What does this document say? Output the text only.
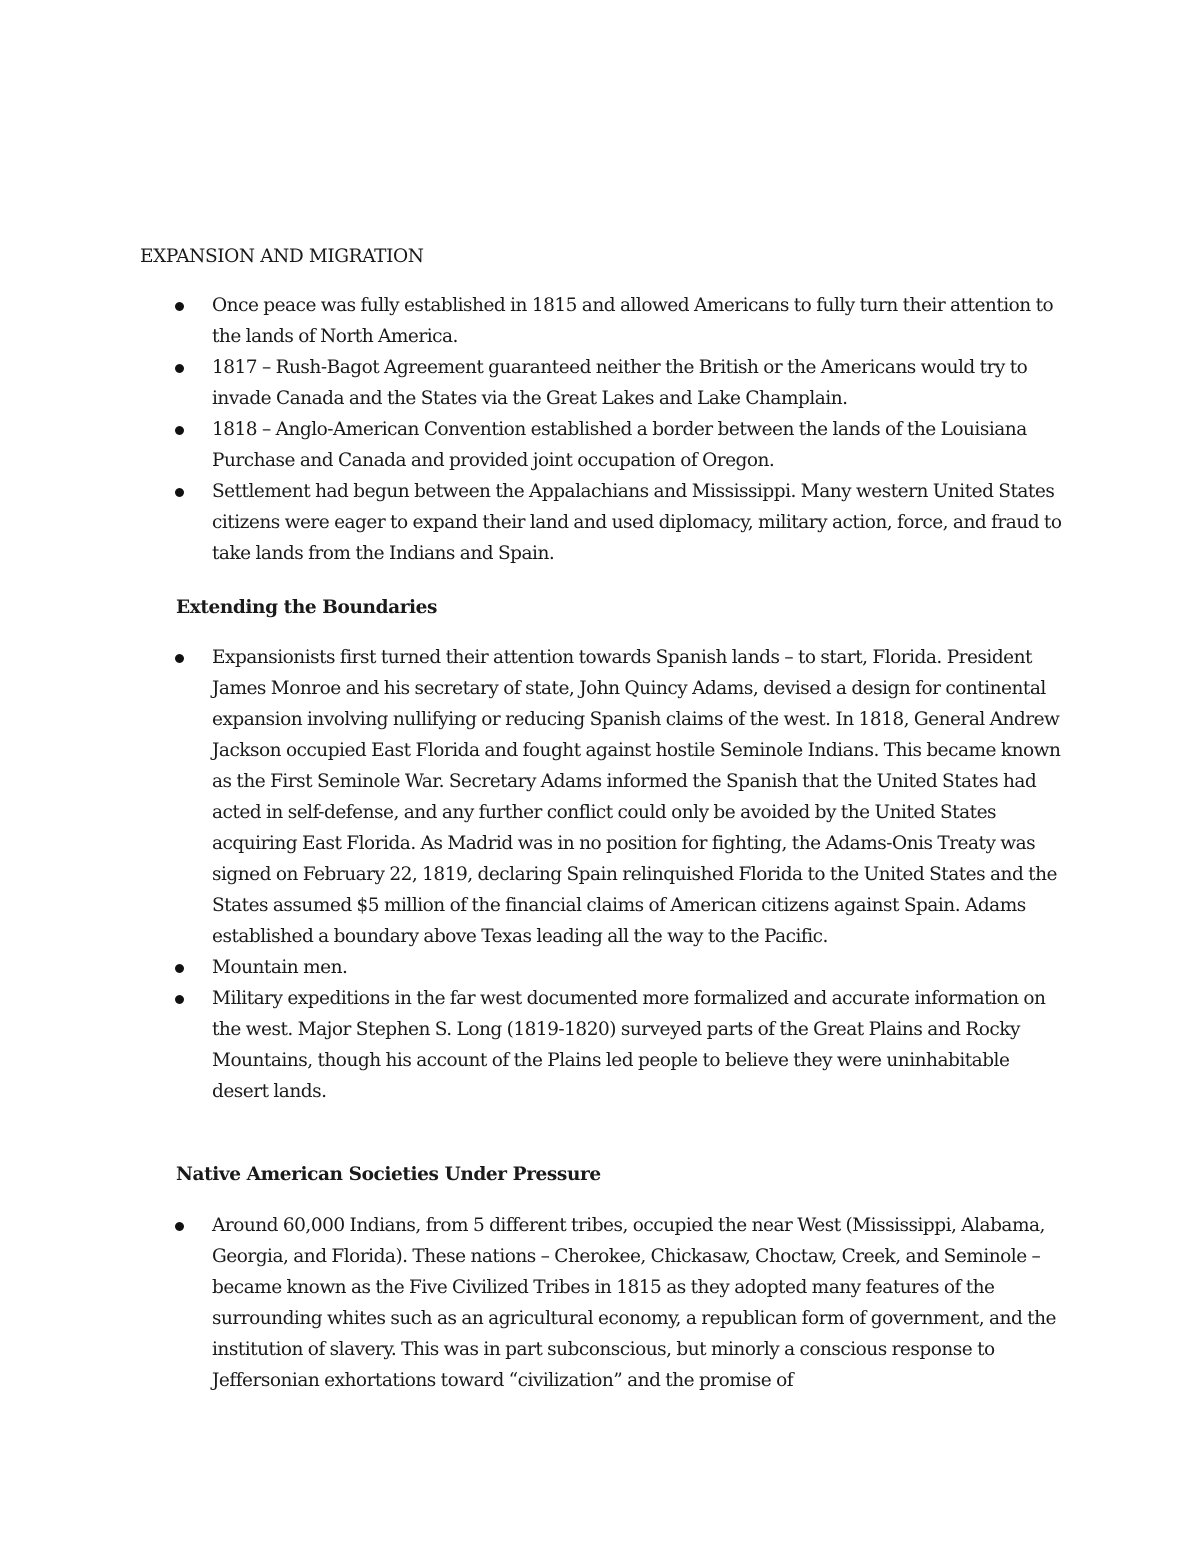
EXPANSION AND MIGRATION
Once peace was fully established in 1815 and allowed Americans to fully turn their attention to the lands of North America.
1817 – Rush-Bagot Agreement guaranteed neither the British or the Americans would try to invade Canada and the States via the Great Lakes and Lake Champlain.
1818 – Anglo-American Convention established a border between the lands of the Louisiana Purchase and Canada and provided joint occupation of Oregon.
Settlement had begun between the Appalachians and Mississippi. Many western United States citizens were eager to expand their land and used diplomacy, military action, force, and fraud to take lands from the Indians and Spain.
Extending the Boundaries
Expansionists first turned their attention towards Spanish lands – to start, Florida. President James Monroe and his secretary of state, John Quincy Adams, devised a design for continental expansion involving nullifying or reducing Spanish claims of the west. In 1818, General Andrew Jackson occupied East Florida and fought against hostile Seminole Indians. This became known as the First Seminole War. Secretary Adams informed the Spanish that the United States had acted in self-defense, and any further conflict could only be avoided by the United States acquiring East Florida. As Madrid was in no position for fighting, the Adams-Onis Treaty was signed on February 22, 1819, declaring Spain relinquished Florida to the United States and the States assumed $5 million of the financial claims of American citizens against Spain. Adams established a boundary above Texas leading all the way to the Pacific.
Mountain men.
Military expeditions in the far west documented more formalized and accurate information on the west. Major Stephen S. Long (1819-1820) surveyed parts of the Great Plains and Rocky Mountains, though his account of the Plains led people to believe they were uninhabitable desert lands.
Native American Societies Under Pressure
Around 60,000 Indians, from 5 different tribes, occupied the near West (Mississippi, Alabama, Georgia, and Florida). These nations – Cherokee, Chickasaw, Choctaw, Creek, and Seminole – became known as the Five Civilized Tribes in 1815 as they adopted many features of the surrounding whites such as an agricultural economy, a republican form of government, and the institution of slavery. This was in part subconscious, but minorly a conscious response to Jeffersonian exhortations toward “civilization” and the promise of
